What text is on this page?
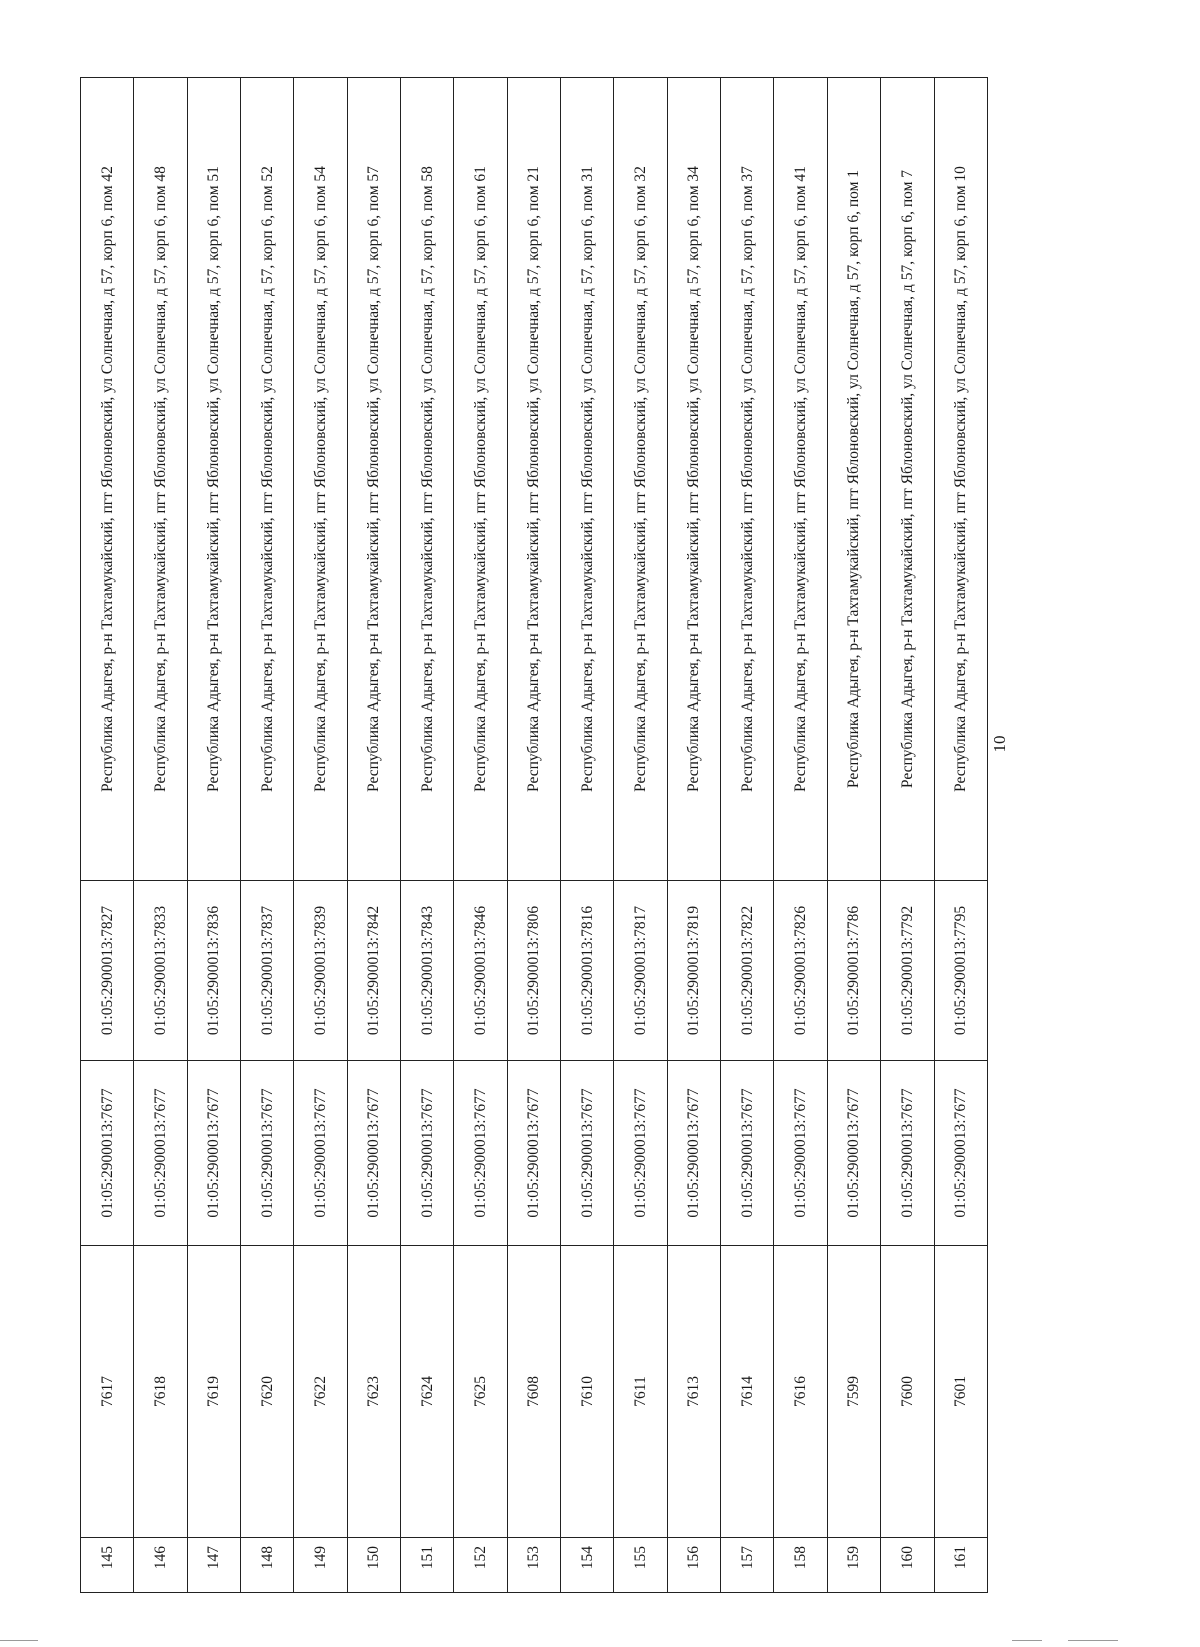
145	7617	01:05:2900013:7677	01:05:2900013:7827	Республика Адыгея, р-н Тахтамукайский, пгт Яблоновский, ул Солнечная, д 57, корп 6, пом 42
146	7618	01:05:2900013:7677	01:05:2900013:7833	Республика Адыгея, р-н Тахтамукайский, пгт Яблоновский, ул Солнечная, д 57, корп 6, пом 48
147	7619	01:05:2900013:7677	01:05:2900013:7836	Республика Адыгея, р-н Тахтамукайский, пгт Яблоновский, ул Солнечная, д 57, корп 6, пом 51
148	7620	01:05:2900013:7677	01:05:2900013:7837	Республика Адыгея, р-н Тахтамукайский, пгт Яблоновский, ул Солнечная, д 57, корп 6, пом 52
149	7622	01:05:2900013:7677	01:05:2900013:7839	Республика Адыгея, р-н Тахтамукайский, пгт Яблоновский, ул Солнечная, д 57, корп 6, пом 54
150	7623	01:05:2900013:7677	01:05:2900013:7842	Республика Адыгея, р-н Тахтамукайский, пгт Яблоновский, ул Солнечная, д 57, корп 6, пом 57
151	7624	01:05:2900013:7677	01:05:2900013:7843	Республика Адыгея, р-н Тахтамукайский, пгт Яблоновский, ул Солнечная, д 57, корп 6, пом 58
152	7625	01:05:2900013:7677	01:05:2900013:7846	Республика Адыгея, р-н Тахтамукайский, пгт Яблоновский, ул Солнечная, д 57, корп 6, пом 61
153	7608	01:05:2900013:7677	01:05:2900013:7806	Республика Адыгея, р-н Тахтамукайский, пгт Яблоновский, ул Солнечная, д 57, корп 6, пом 21
154	7610	01:05:2900013:7677	01:05:2900013:7816	Республика Адыгея, р-н Тахтамукайский, пгт Яблоновский, ул Солнечная, д 57, корп 6, пом 31
155	7611	01:05:2900013:7677	01:05:2900013:7817	Республика Адыгея, р-н Тахтамукайский, пгт Яблоновский, ул Солнечная, д 57, корп 6, пом 32
156	7613	01:05:2900013:7677	01:05:2900013:7819	Республика Адыгея, р-н Тахтамукайский, пгт Яблоновский, ул Солнечная, д 57, корп 6, пом 34
157	7614	01:05:2900013:7677	01:05:2900013:7822	Республика Адыгея, р-н Тахтамукайский, пгт Яблоновский, ул Солнечная, д 57, корп 6, пом 37
158	7616	01:05:2900013:7677	01:05:2900013:7826	Республика Адыгея, р-н Тахтамукайский, пгт Яблоновский, ул Солнечная, д 57, корп 6, пом 41
159	7599	01:05:2900013:7677	01:05:2900013:7786	Республика Адыгея, р-н Тахтамукайский, пгт Яблоновский, ул Солнечная, д 57, корп 6, пом 1
160	7600	01:05:2900013:7677	01:05:2900013:7792	Республика Адыгея, р-н Тахтамукайский, пгт Яблоновский, ул Солнечная, д 57, корп 6, пом 7
161	7601	01:05:2900013:7677	01:05:2900013:7795	Республика Адыгея, р-н Тахтамукайский, пгт Яблоновский, ул Солнечная, д 57, корп 6, пом 10 10
